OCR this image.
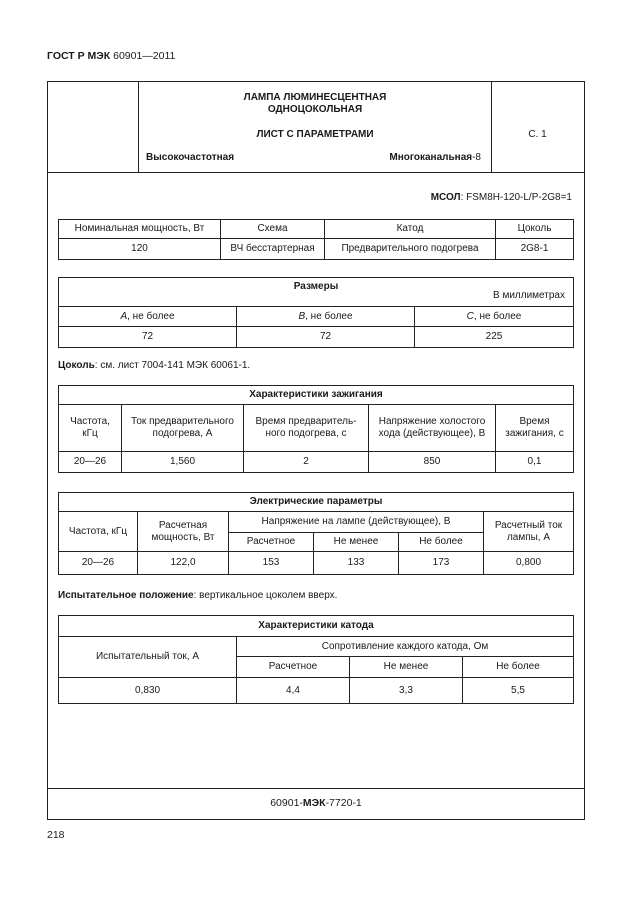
ГОСТ Р МЭК 60901—2011
ЛАМПА ЛЮМИНЕСЦЕНТНАЯ
ОДНОЦОКОЛЬНАЯ
ЛИСТ С ПАРАМЕТРАМИ
Высокочастотная	Многоканальная-8
С. 1
МСОЛ: FSM8H-120-L/P-2G8=1
Номинальная мощность, Вт	Схема	Катод	Цоколь
120	ВЧ бесстартерная	Предварительного подогрева	2G8-1
Размеры
В миллиметрах		

A, не более	B, не более	C, не более
72	72	225
Цоколь: см. лист 7004-141 МЭК 60061-1.
Характеристики зажигания				
Частота, кГц	Ток предварительного подогрева, А	Время предваритель-ного подогрева, с	Напряжение холостого хода (действующее), В	Время зажигания, с
20—26	1,560	2	850	0,1
Электрические параметры					
Частота, кГц	Расчетная мощность, Вт	Напряжение на лампе (действующее), В			Расчетный ток лампы, А
		Расчетное	Не менее	Не более	
20—26	122,0	153	133	173	0,800
Испытательное положение: вертикальное цоколем вверх.
Характеристики катода			
Испытательный ток, А	Сопротивление каждого катода, Ом		
	Расчетное	Не менее	Не более
0,830	4,4	3,3	5,5
60901-МЭК-7720-1
218
